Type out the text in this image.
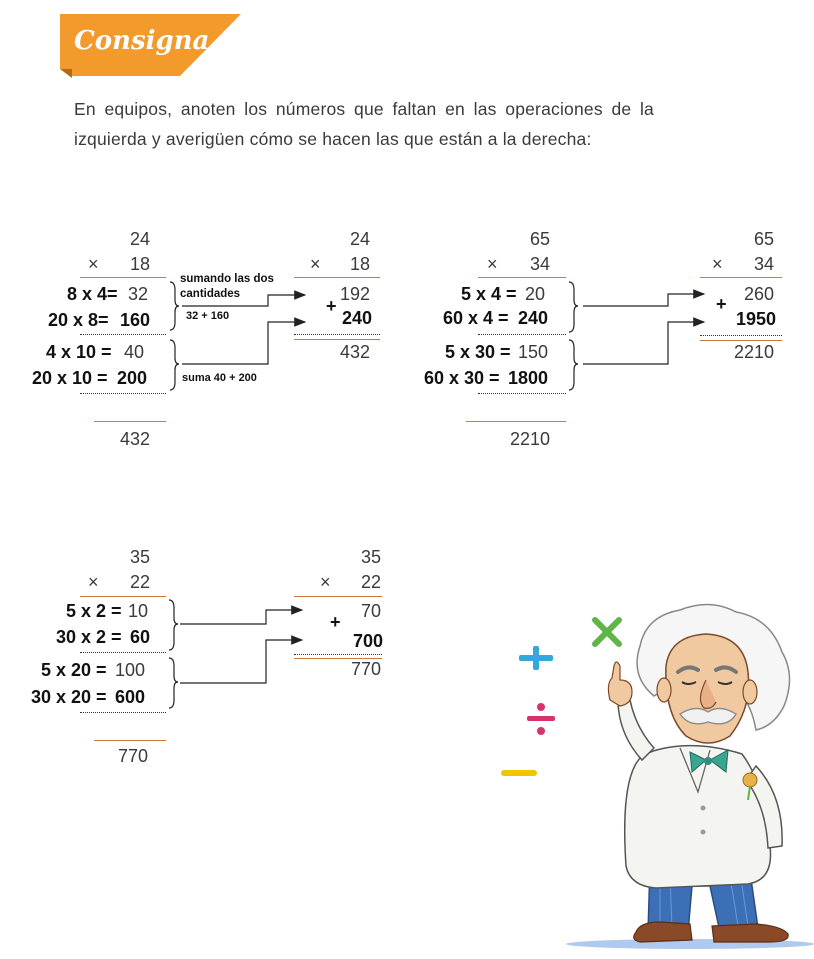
Consigna
En equipos, anoten los números que faltan en las operaciones de la izquierda y averigüen cómo se hacen las que están a la derecha:
24
×	18
8 x 4= 32
20 x 8= 160
4 x 10 = 40
20 x 10 = 200
432
sumando las dos
cantidades
32 + 160
suma 40 + 200
24
×	18
192
+
240
432
65
×	34
5 x 4 = 20
60 x 4 = 240
5 x 30 = 150
60 x 30 = 1800
2210
65
×	34
260
+
1950
2210
35
×	22
5 x 2 = 10
30 x 2 = 60
5 x 20 = 100
30 x 20 = 600
770
35
×	22
70
+
700
770
